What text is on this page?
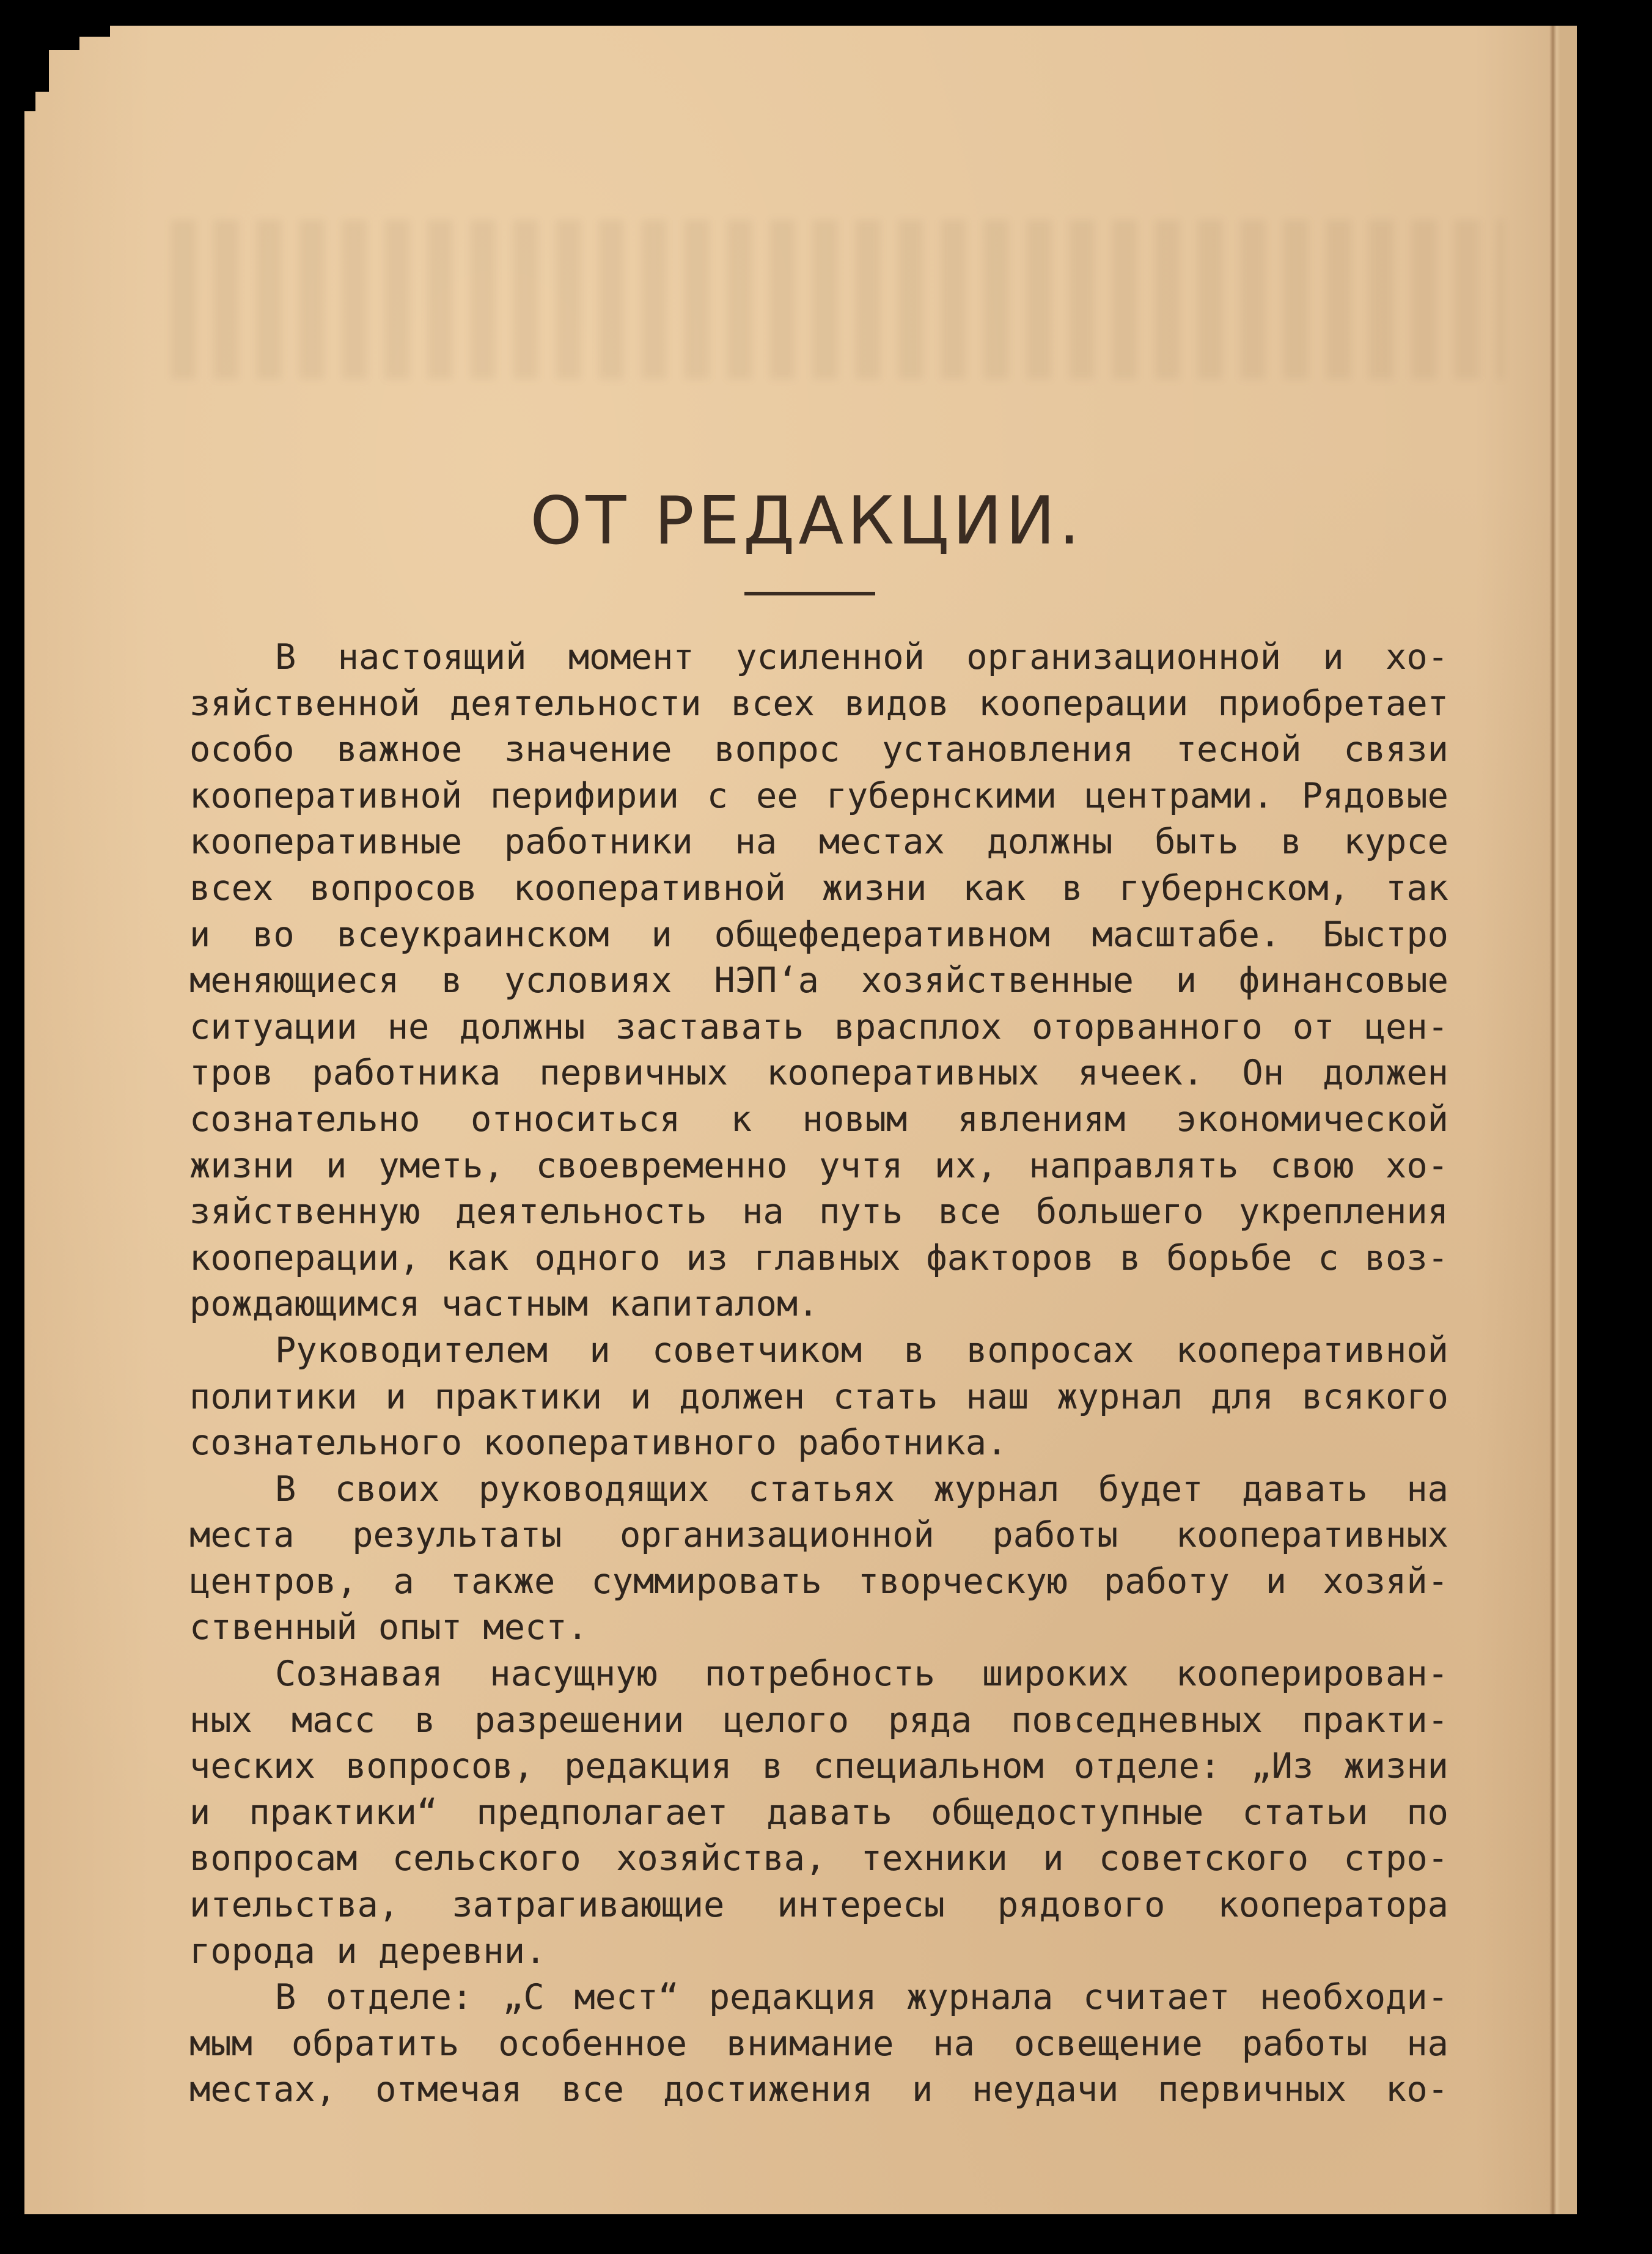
ОТ РЕДАКЦИИ.
В настоящий момент усиленной организационной и хо-
зяйственной деятельности всех видов кооперации приобретает
особо важное значение вопрос установления тесной связи
кооперативной перифирии с ее губернскими центрами. Рядовые
кооперативные работники на местах должны быть в курсе
всех вопросов кооперативной жизни как в губернском, так
и во всеукраинском и общефедеративном масштабе. Быстро
меняющиеся в условиях НЭП‘а хозяйственные и финансовые
ситуации не должны заставать врасплох оторванного от цен-
тров работника первичных кооперативных ячеек. Он должен
сознательно относиться к новым явлениям экономической
жизни и уметь, своевременно учтя их, направлять свою хо-
зяйственную деятельность на путь все большего укрепления
кооперации, как одного из главных факторов в борьбе с воз-
рождающимся частным капиталом.
Руководителем и советчиком в вопросах кооперативной
политики и практики и должен стать наш журнал для всякого
сознательного кооперативного работника.
В своих руководящих статьях журнал будет давать на
места результаты организационной работы кооперативных
центров, а также суммировать творческую работу и хозяй-
ственный опыт мест.
Сознавая насущную потребность широких кооперирован-
ных масс в разрешении целого ряда повседневных практи-
ческих вопросов, редакция в специальном отделе: „Из жизни
и практики“ предполагает давать общедоступные статьи по
вопросам сельского хозяйства, техники и советского стро-
ительства, затрагивающие интересы рядового кооператора
города и деревни.
В отделе: „С мест“ редакция журнала считает необходи-
мым обратить особенное внимание на освещение работы на
местах, отмечая все достижения и неудачи первичных ко-
